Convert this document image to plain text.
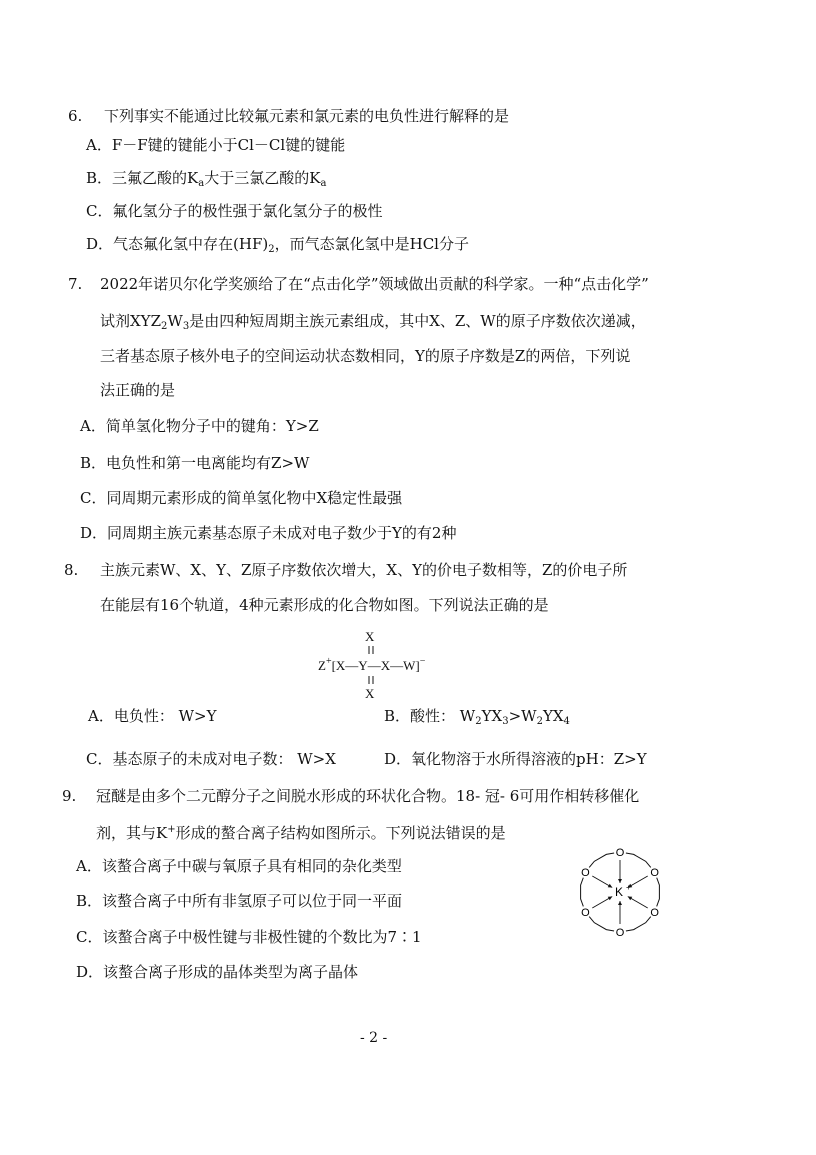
6. 下列事实不能通过比较氟元素和氯元素的电负性进行解释的是
A．F－F键的键能小于Cl－Cl键的键能
B．三氟乙酸的$K_a$大于三氯乙酸的$K_a$
C．氟化氢分子的极性强于氯化氢分子的极性
D．气态氟化氢中存在$(HF)_2$，而气态氯化氢中是HCl分子
7. 2022年诺贝尔化学奖颁给了在“点击化学”领域做出贡献的科学家。一种“点击化学”
试剂$XYZ_2W_3$是由四种短周期主族元素组成，其中X、Z、W的原子序数依次递减，
三者基态原子核外电子的空间运动状态数相同，Y的原子序数是Z的两倍，下列说
法正确的是
A．简单氢化物分子中的键角：Y>Z
B．电负性和第一电离能均有Z>W
C．同周期元素形成的简单氢化物中X稳定性最强
D．同周期主族元素基态原子未成对电子数少于Y的有2种
8. 主族元素W、X、Y、Z原子序数依次增大，X、Y的价电子数相等，Z的价电子所
在能层有16个轨道，4种元素形成的化合物如图。下列说法正确的是
X
Z+[X—Y—X—W]−
X
A．电负性： W>Y	B．酸性： $W_2YX_3>W_2YX_4$
C．基态原子的未成对电子数： W>X	D．氧化物溶于水所得溶液的pH：Z>Y
9. 冠醚是由多个二元醇分子之间脱水形成的环状化合物。18- 冠- 6可用作相转移催化
剂，其与K+形成的螯合离子结构如图所示。下列说法错误的是
A．该螯合离子中碳与氧原子具有相同的杂化类型
B．该螯合离子中所有非氢原子可以位于同一平面
C．该螯合离子中极性键与非极性键的个数比为7∶1
D．该螯合离子形成的晶体类型为离子晶体
O
O
O
O
O
O
K +
- 2 -
